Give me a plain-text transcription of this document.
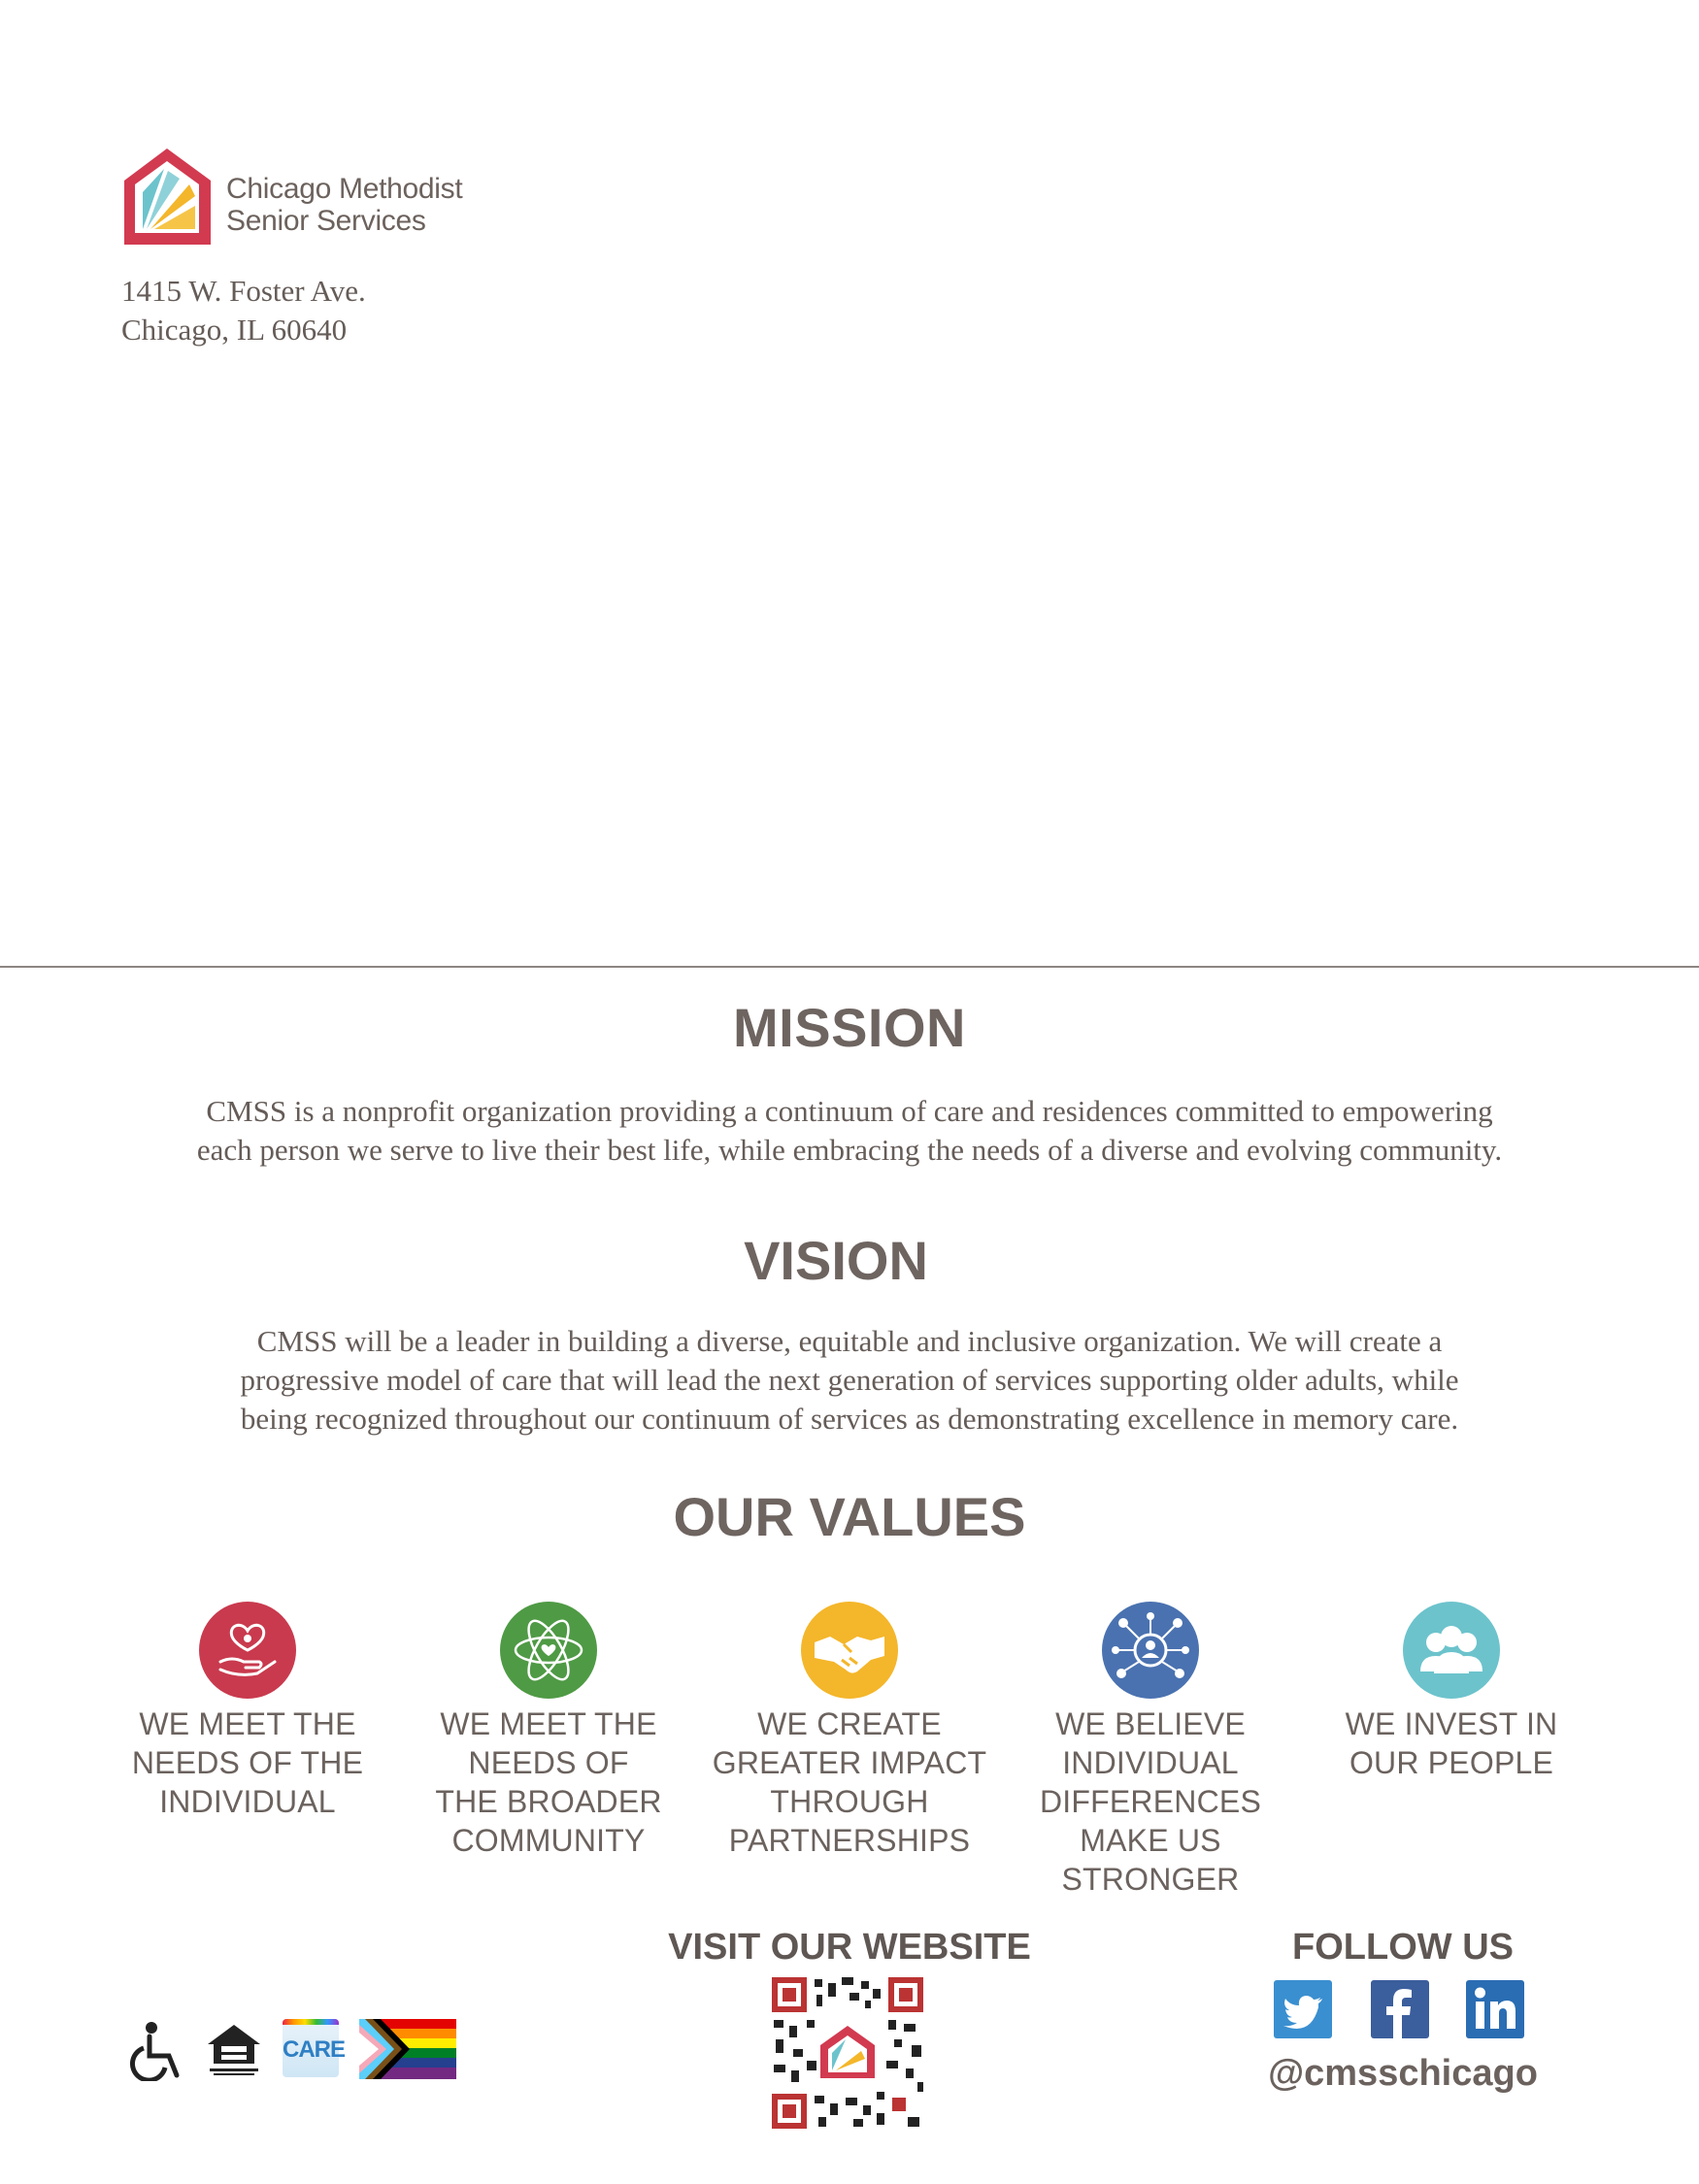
Chicago Methodist
Senior Services
1415 W. Foster Ave.
Chicago, IL 60640
MISSION
CMSS is a nonprofit organization providing a continuum of care and residences committed to empowering
each person we serve to live their best life, while embracing the needs of a diverse and evolving community.
VISION
CMSS will be a leader in building a diverse, equitable and inclusive organization. We will create a
progressive model of care that will lead the next generation of services supporting older adults, while
being recognized throughout our continuum of services as demonstrating excellence in memory care.
OUR VALUES
WE MEET THE
NEEDS OF THE
INDIVIDUAL
WE MEET THE
NEEDS OF
THE BROADER
COMMUNITY
WE CREATE
GREATER IMPACT
THROUGH
PARTNERSHIPS
WE BELIEVE
INDIVIDUAL
DIFFERENCES
MAKE US
STRONGER
WE INVEST IN
OUR PEOPLE
CARE
VISIT OUR WEBSITE	FOLLOW US
@cmsschicago
